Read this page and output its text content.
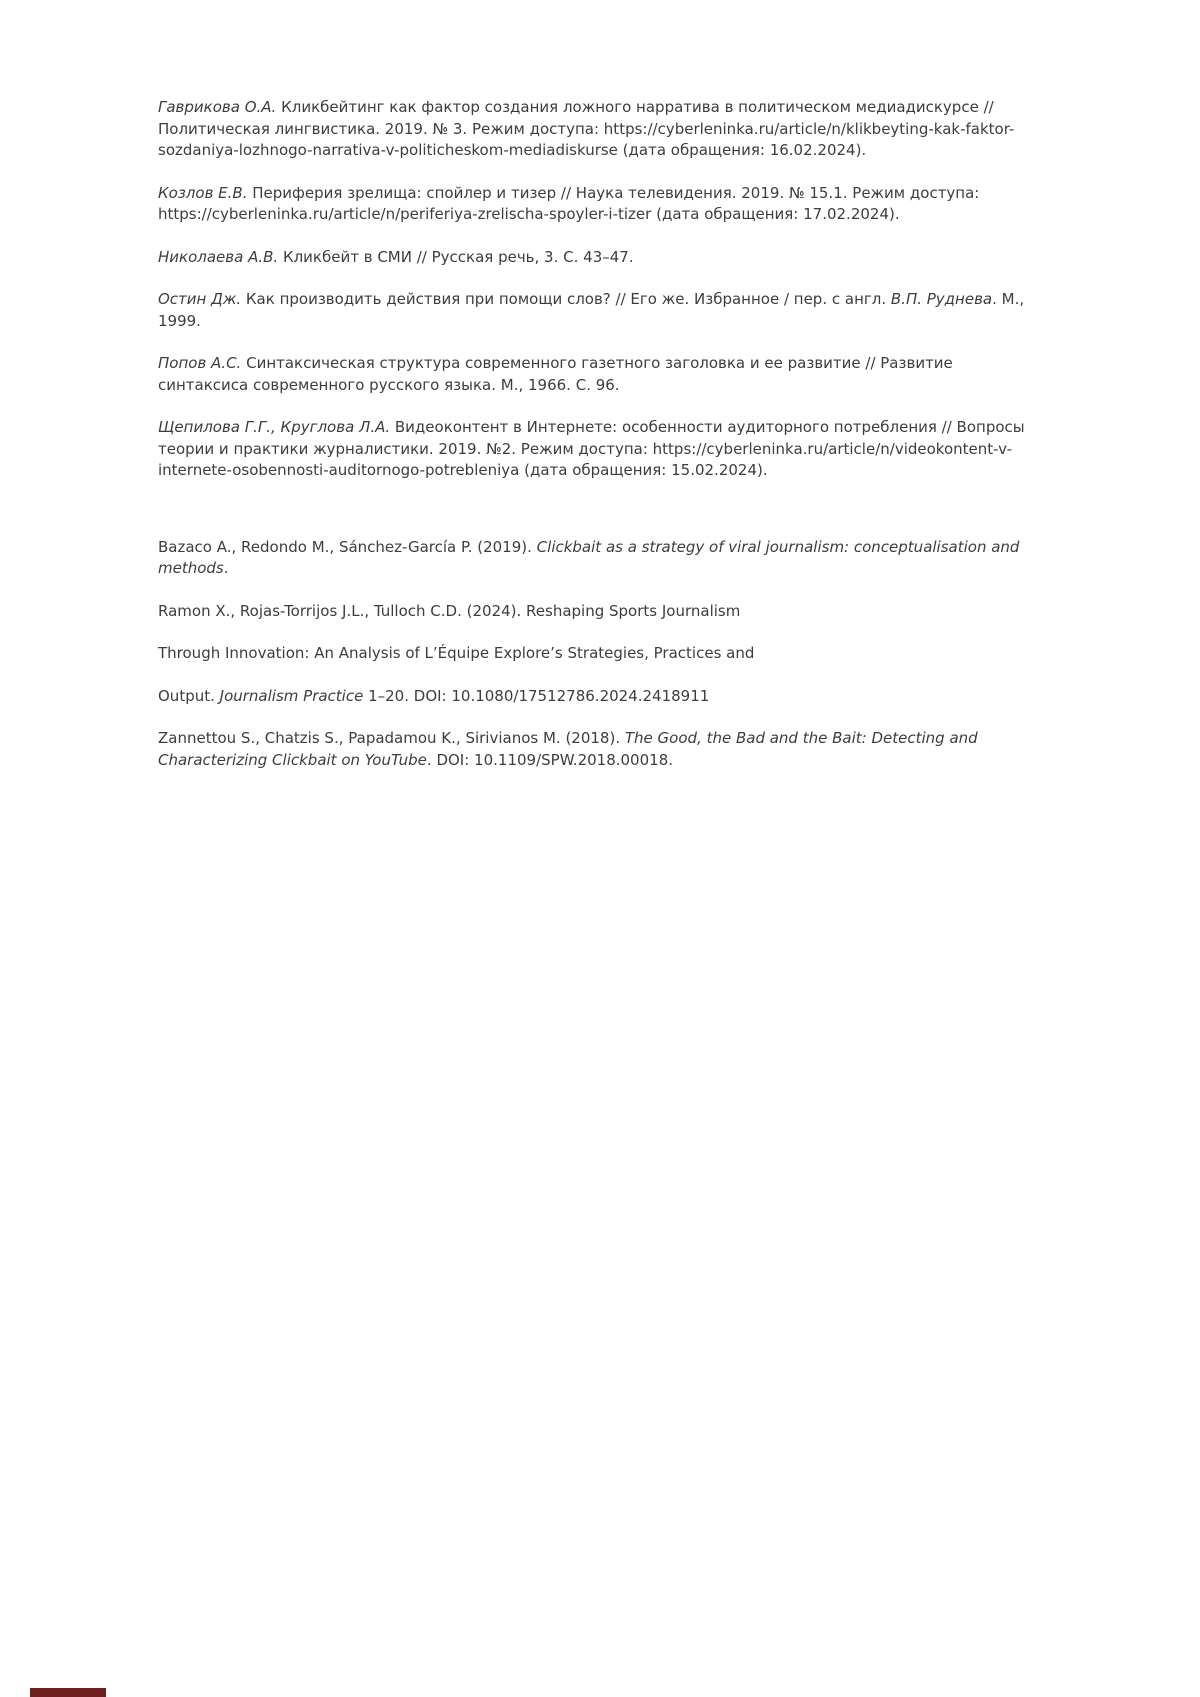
Гаврикова О.А. Кликбейтинг как фактор создания ложного нарратива в политическом медиадискурсе // Политическая лингвистика. 2019. № 3. Режим доступа: https://cyberleninka.ru/article/n/klikbeyting-kak-faktor-sozdaniya-lozhnogo-narrativa-v-politicheskom-mediadiskurse (дата обращения: 16.02.2024).

Козлов Е.В. Периферия зрелища: спойлер и тизер // Наука телевидения. 2019. № 15.1. Режим доступа: https://cyberleninka.ru/article/n/periferiya-zrelischa-spoyler-i-tizer (дата обращения: 17.02.2024).

Николаева А.В. Кликбейт в СМИ // Русская речь, 3. С. 43–47.

Остин Дж. Как производить действия при помощи слов? // Его же. Избранное / пер. с англ. В.П. Руднева. М., 1999.

Попов А.С. Синтаксическая структура современного газетного заголовка и ее развитие // Развитие синтаксиса современного русского языка. М., 1966. С. 96.

Щепилова Г.Г., Круглова Л.А. Видеоконтент в Интернете: особенности аудиторного потребления // Вопросы теории и практики журналистики. 2019. №2. Режим доступа: https://cyberleninka.ru/article/n/videokontent-v-internete-osobennosti-auditornogo-potrebleniya (дата обращения: 15.02.2024).

Bazaco A., Redondo M., Sánchez-García P. (2019). Clickbait as a strategy of viral journalism: conceptualisation and methods.

Ramon X., Rojas-Torrijos J.L., Tulloch C.D. (2024). Reshaping Sports Journalism

Through Innovation: An Analysis of L’Équipe Explore’s Strategies, Practices and

Output. Journalism Practice 1–20. DOI: 10.1080/17512786.2024.2418911

Zannettou S., Chatzis S., Papadamou K., Sirivianos M. (2018). The Good, the Bad and the Bait: Detecting and Characterizing Clickbait on YouTube. DOI: 10.1109/SPW.2018.00018.
